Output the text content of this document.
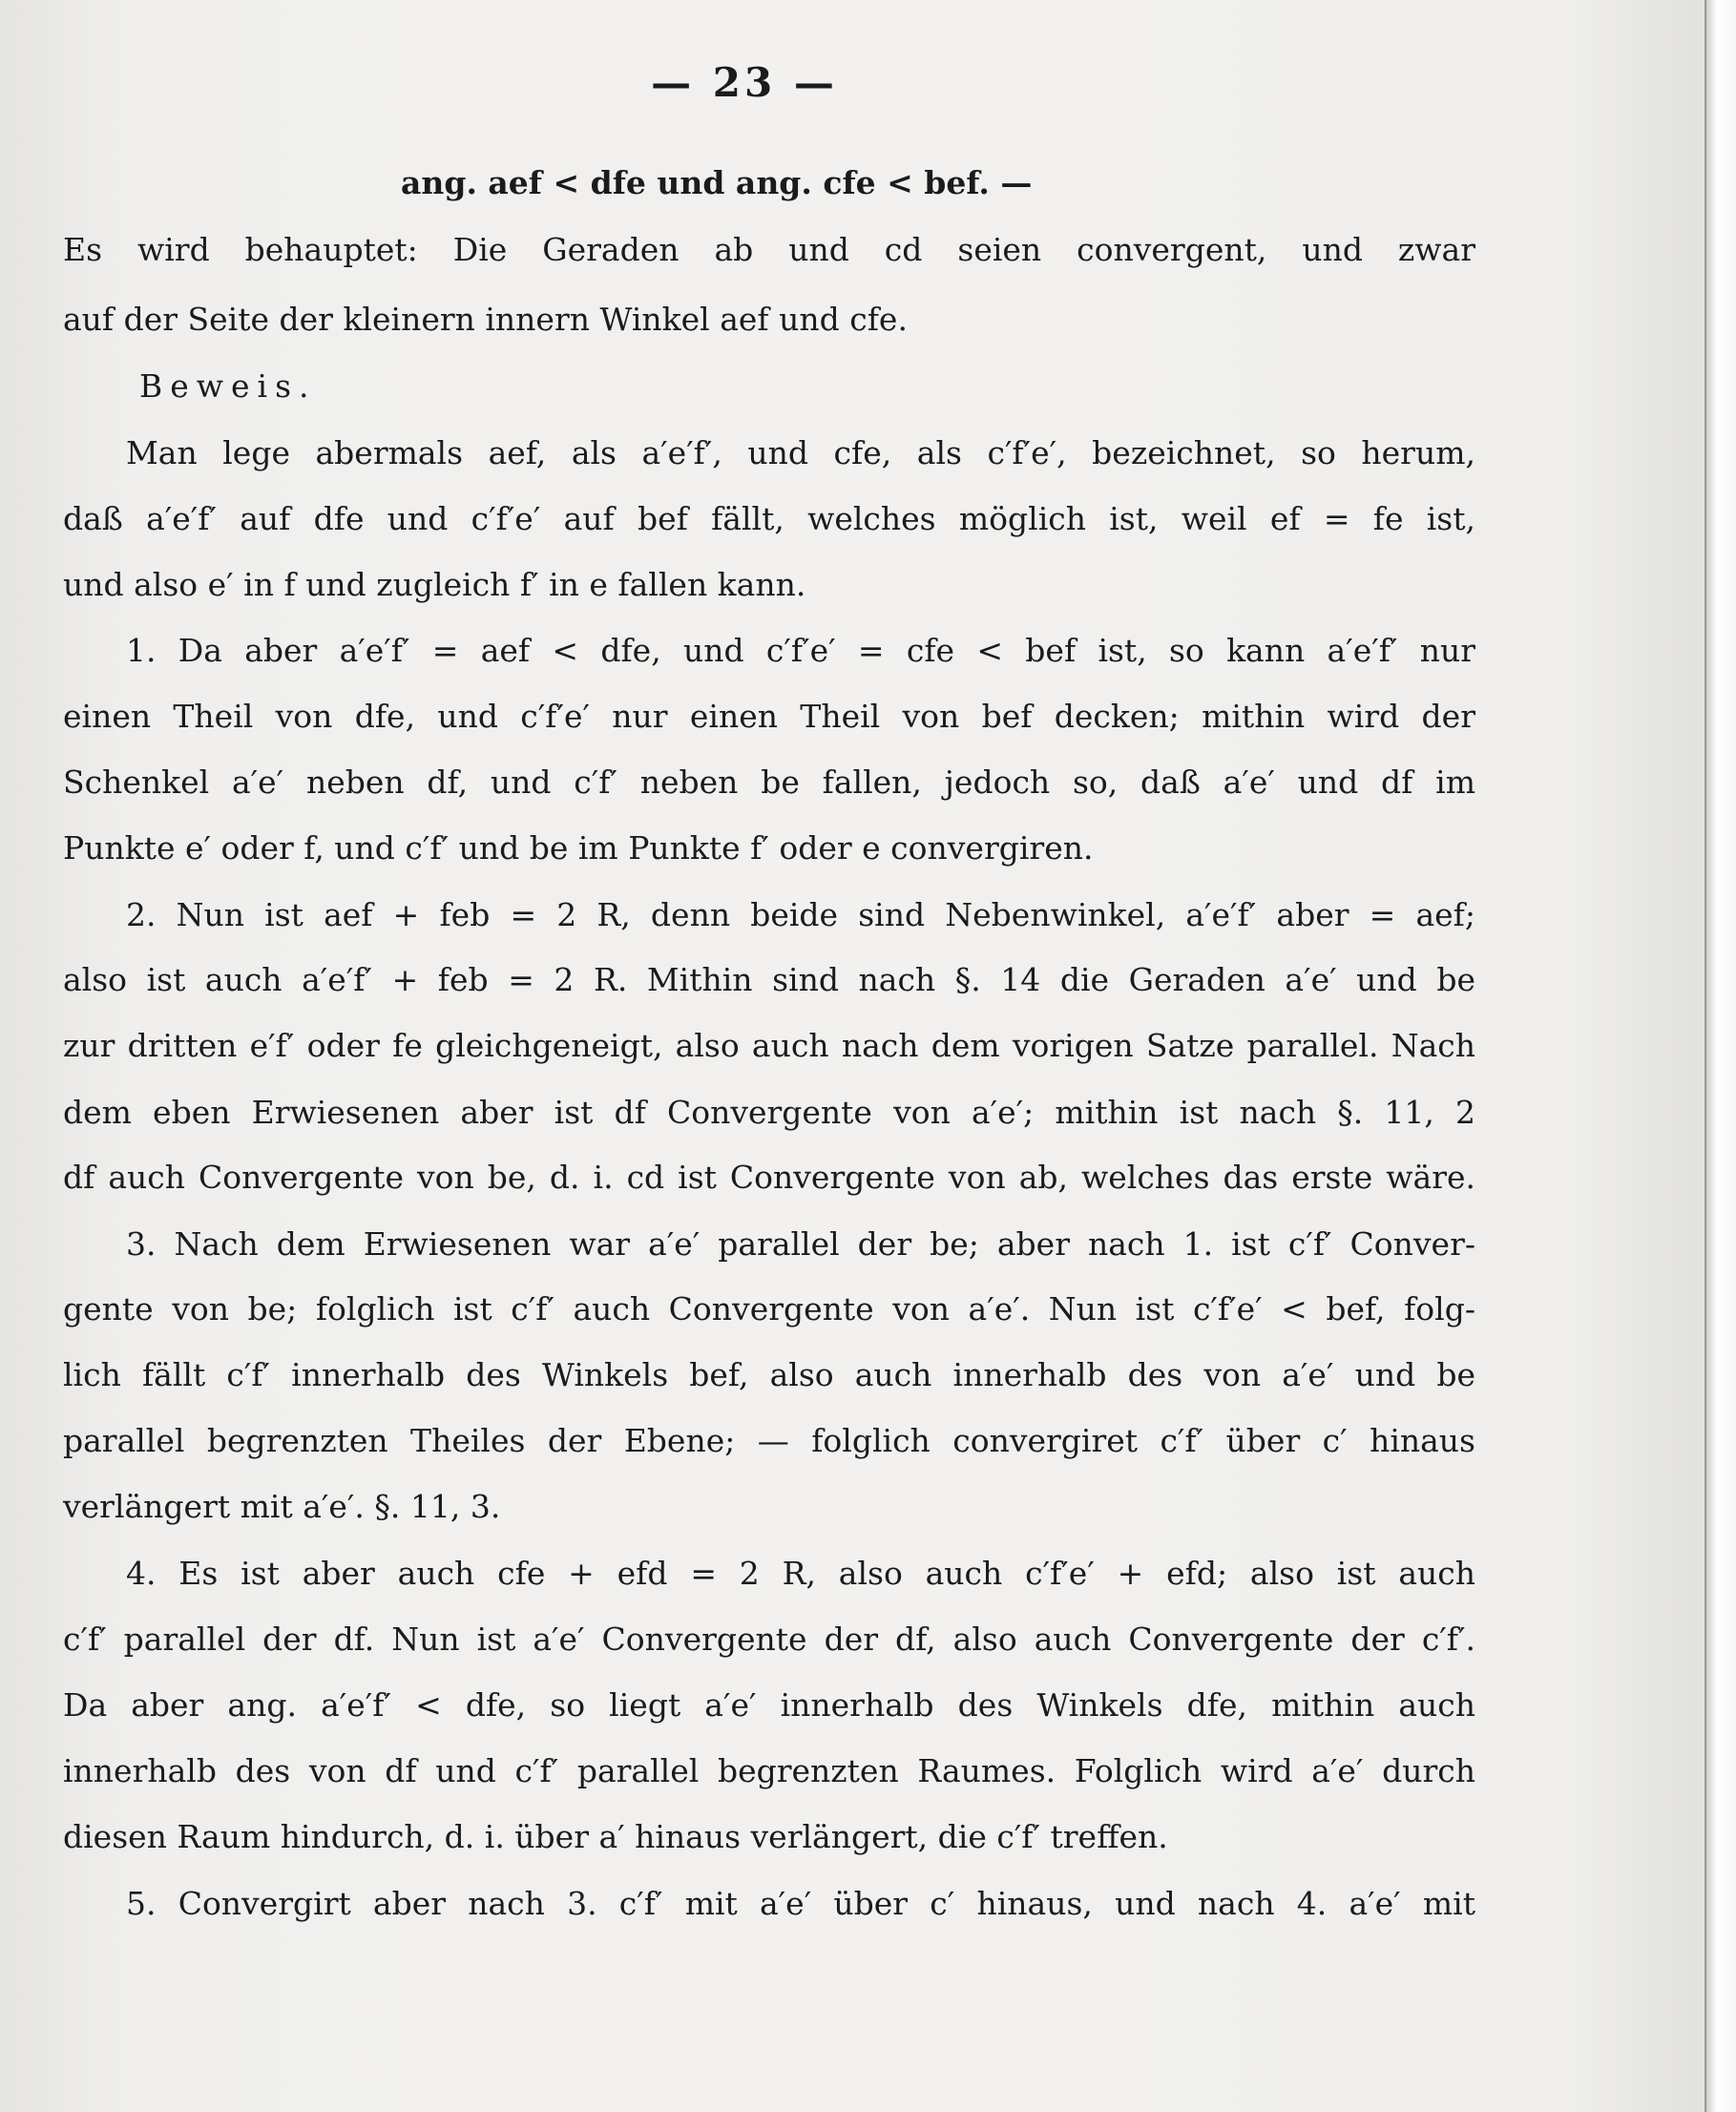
— 23 —
ang. aef < dfe und ang. cfe < bef. —
Es wird behauptet: Die Geraden ab und cd seien convergent, und zwar
auf der Seite der kleinern innern Winkel aef und cfe.
Beweis.
Man lege abermals aef, als a′e′f′, und cfe, als c′f′e′, bezeichnet, so herum,
daß a′e′f′ auf dfe und c′f′e′ auf bef fällt, welches möglich ist, weil ef = fe ist,
und also e′ in f und zugleich f′ in e fallen kann.
1. Da aber a′e′f′ = aef < dfe, und c′f′e′ = cfe < bef ist, so kann a′e′f′ nur
einen Theil von dfe, und c′f′e′ nur einen Theil von bef decken; mithin wird der
Schenkel a′e′ neben df, und c′f′ neben be fallen, jedoch so, daß a′e′ und df im
Punkte e′ oder f, und c′f′ und be im Punkte f′ oder e convergiren.
2. Nun ist aef + feb = 2 R, denn beide sind Nebenwinkel, a′e′f′ aber = aef;
also ist auch a′e′f′ + feb = 2 R. Mithin sind nach §. 14 die Geraden a′e′ und be
zur dritten e′f′ oder fe gleichgeneigt, also auch nach dem vorigen Satze parallel. Nach
dem eben Erwiesenen aber ist df Convergente von a′e′; mithin ist nach §. 11, 2
df auch Convergente von be, d. i. cd ist Convergente von ab, welches das erste wäre.
3. Nach dem Erwiesenen war a′e′ parallel der be; aber nach 1. ist c′f′ Conver-
gente von be; folglich ist c′f′ auch Convergente von a′e′. Nun ist c′f′e′ < bef, folg-
lich fällt c′f′ innerhalb des Winkels bef, also auch innerhalb des von a′e′ und be
parallel begrenzten Theiles der Ebene; — folglich convergiret c′f′ über c′ hinaus
verlängert mit a′e′. §. 11, 3.
4. Es ist aber auch cfe + efd = 2 R, also auch c′f′e′ + efd; also ist auch
c′f′ parallel der df. Nun ist a′e′ Convergente der df, also auch Convergente der c′f′.
Da aber ang. a′e′f′ < dfe, so liegt a′e′ innerhalb des Winkels dfe, mithin auch
innerhalb des von df und c′f′ parallel begrenzten Raumes. Folglich wird a′e′ durch
diesen Raum hindurch, d. i. über a′ hinaus verlängert, die c′f′ treffen.
5. Convergirt aber nach 3. c′f′ mit a′e′ über c′ hinaus, und nach 4. a′e′ mit
